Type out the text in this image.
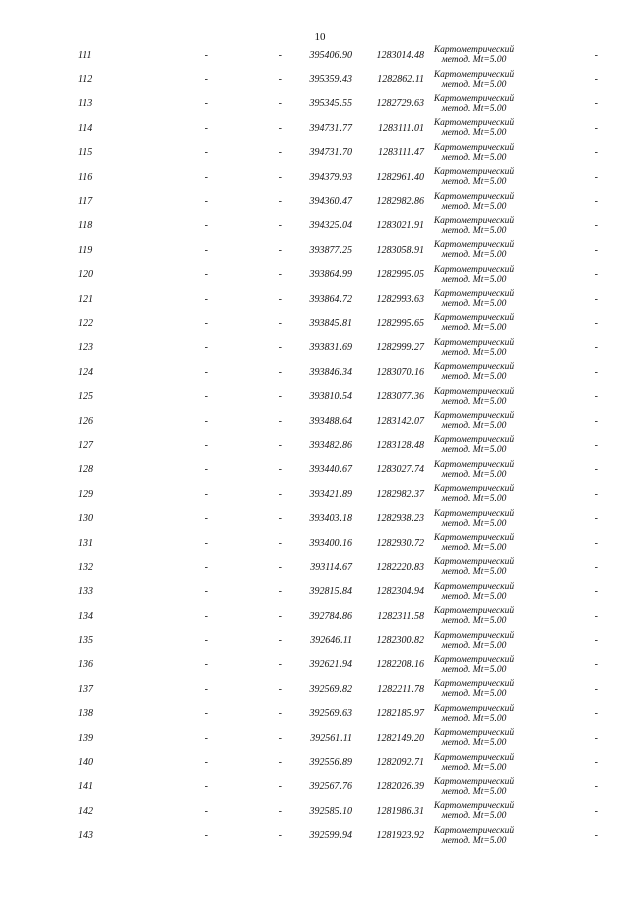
10
111	-	-	395406.90	1283014.48	Картометрический
метод. Mt=5.00	-
112	-	-	395359.43	1282862.11	Картометрический
метод. Mt=5.00	-
113	-	-	395345.55	1282729.63	Картометрический
метод. Mt=5.00	-
114	-	-	394731.77	1283111.01	Картометрический
метод. Mt=5.00	-
115	-	-	394731.70	1283111.47	Картометрический
метод. Mt=5.00	-
116	-	-	394379.93	1282961.40	Картометрический
метод. Mt=5.00	-
117	-	-	394360.47	1282982.86	Картометрический
метод. Mt=5.00	-
118	-	-	394325.04	1283021.91	Картометрический
метод. Mt=5.00	-
119	-	-	393877.25	1283058.91	Картометрический
метод. Mt=5.00	-
120	-	-	393864.99	1282995.05	Картометрический
метод. Mt=5.00	-
121	-	-	393864.72	1282993.63	Картометрический
метод. Mt=5.00	-
122	-	-	393845.81	1282995.65	Картометрический
метод. Mt=5.00	-
123	-	-	393831.69	1282999.27	Картометрический
метод. Mt=5.00	-
124	-	-	393846.34	1283070.16	Картометрический
метод. Mt=5.00	-
125	-	-	393810.54	1283077.36	Картометрический
метод. Mt=5.00	-
126	-	-	393488.64	1283142.07	Картометрический
метод. Mt=5.00	-
127	-	-	393482.86	1283128.48	Картометрический
метод. Mt=5.00	-
128	-	-	393440.67	1283027.74	Картометрический
метод. Mt=5.00	-
129	-	-	393421.89	1282982.37	Картометрический
метод. Mt=5.00	-
130	-	-	393403.18	1282938.23	Картометрический
метод. Mt=5.00	-
131	-	-	393400.16	1282930.72	Картометрический
метод. Mt=5.00	-
132	-	-	393114.67	1282220.83	Картометрический
метод. Mt=5.00	-
133	-	-	392815.84	1282304.94	Картометрический
метод. Mt=5.00	-
134	-	-	392784.86	1282311.58	Картометрический
метод. Mt=5.00	-
135	-	-	392646.11	1282300.82	Картометрический
метод. Mt=5.00	-
136	-	-	392621.94	1282208.16	Картометрический
метод. Mt=5.00	-
137	-	-	392569.82	1282211.78	Картометрический
метод. Mt=5.00	-
138	-	-	392569.63	1282185.97	Картометрический
метод. Mt=5.00	-
139	-	-	392561.11	1282149.20	Картометрический
метод. Mt=5.00	-
140	-	-	392556.89	1282092.71	Картометрический
метод. Mt=5.00	-
141	-	-	392567.76	1282026.39	Картометрический
метод. Mt=5.00	-
142	-	-	392585.10	1281986.31	Картометрический
метод. Mt=5.00	-
143	-	-	392599.94	1281923.92	Картометрический
метод. Mt=5.00	-
